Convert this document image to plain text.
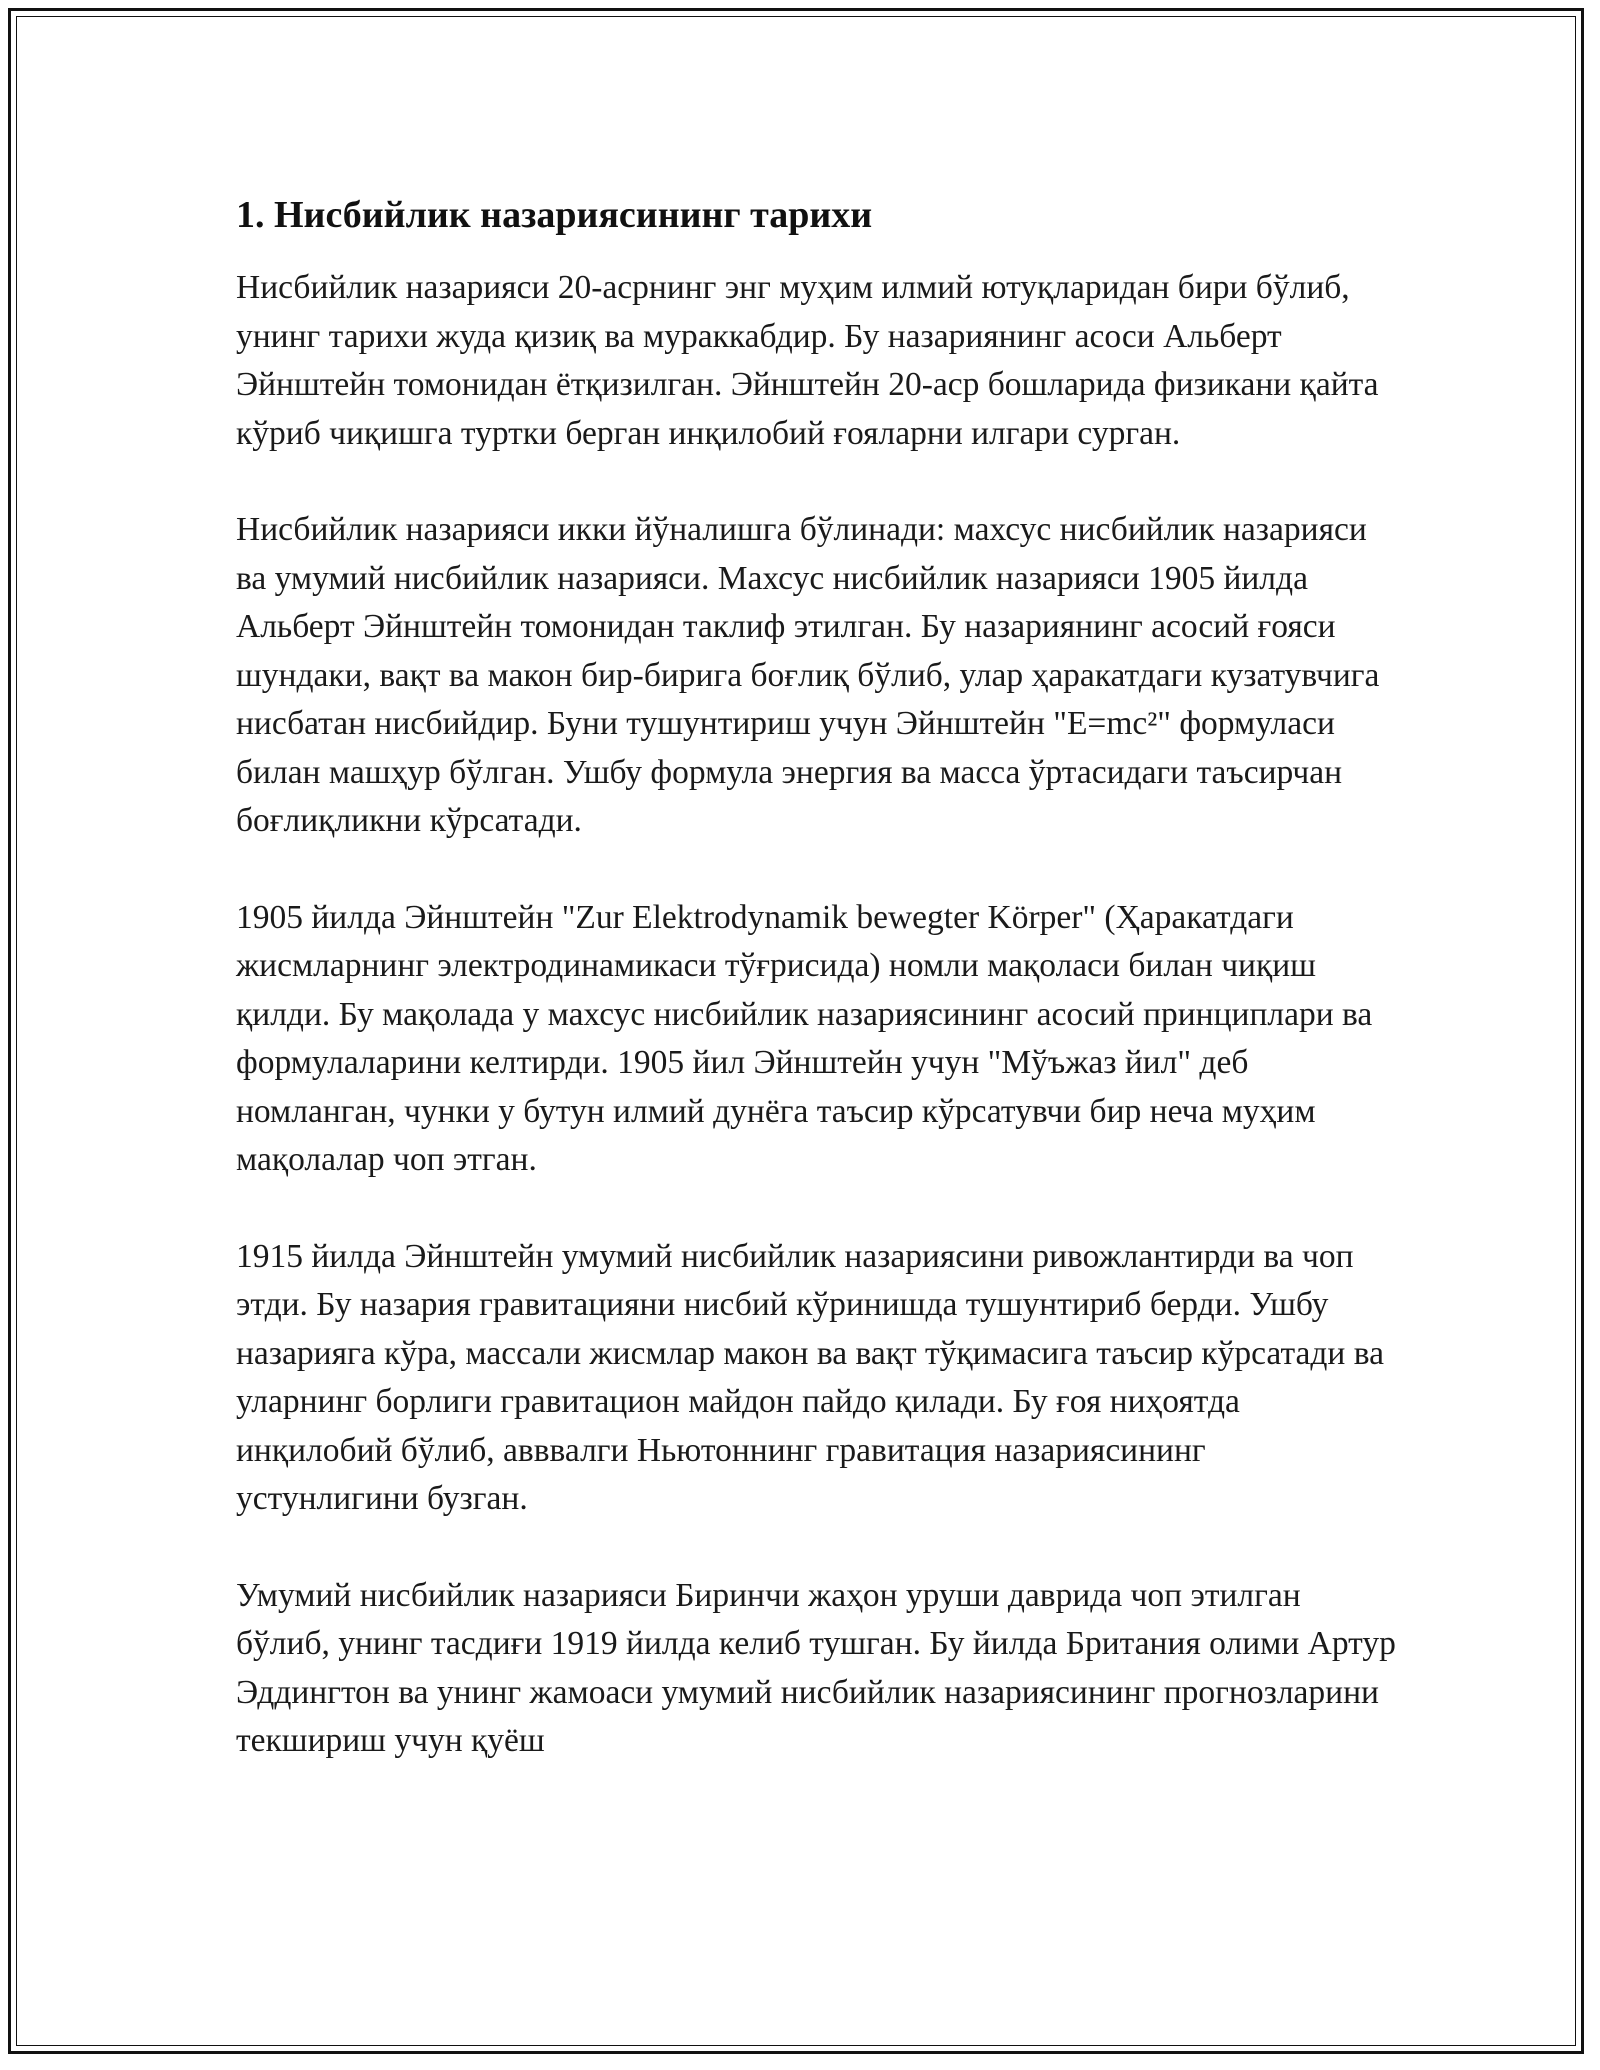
1. Нисбийлик назариясининг тарихи

Нисбийлик назарияси 20-асрнинг энг муҳим илмий ютуқларидан бири бўлиб, унинг тарихи жуда қизиқ ва мураккабдир. Бу назариянинг асоси Альберт Эйнштейн томонидан ётқизилган. Эйнштейн 20-аср бошларида физикани қайта кўриб чиқишга туртки берган инқилобий ғояларни илгари сурган.

Нисбийлик назарияси икки йўналишга бўлинади: махсус нисбийлик назарияси ва умумий нисбийлик назарияси. Махсус нисбийлик назарияси 1905 йилда Альберт Эйнштейн томонидан таклиф этилган. Бу назариянинг асосий ғояси шундаки, вақт ва макон бир-бирига боғлиқ бўлиб, улар ҳаракатдаги кузатувчига нисбатан нисбийдир. Буни тушунтириш учун Эйнштейн "E=mc²" формуласи билан машҳур бўлган. Ушбу формула энергия ва масса ўртасидаги таъсирчан боғлиқликни кўрсатади.

1905 йилда Эйнштейн "Zur Elektrodynamik bewegter Körper" (Ҳаракатдаги жисмларнинг электродинамикаси тўғрисида) номли мақоласи билан чиқиш қилди. Бу мақолада у махсус нисбийлик назариясининг асосий принциплари ва формулаларини келтирди. 1905 йил Эйнштейн учун "Мўъжаз йил" деб номланган, чунки у бутун илмий дунёга таъсир кўрсатувчи бир неча муҳим мақолалар чоп этган.

1915 йилда Эйнштейн умумий нисбийлик назариясини ривожлантирди ва чоп этди. Бу назария гравитацияни нисбий кўринишда тушунтириб берди. Ушбу назарияга кўра, массали жисмлар макон ва вақт тўқимасига таъсир кўрсатади ва уларнинг борлиги гравитацион майдон пайдо қилади. Бу ғоя ниҳоятда инқилобий бўлиб, авввалги Ньютоннинг гравитация назариясининг устунлигини бузган.

Умумий нисбийлик назарияси Биринчи жаҳон уруши даврида чоп этилган бўлиб, унинг тасдиғи 1919 йилда келиб тушган. Бу йилда Британия олими Артур Эддингтон ва унинг жамоаси умумий нисбийлик назариясининг прогнозларини текшириш учун қуёш
